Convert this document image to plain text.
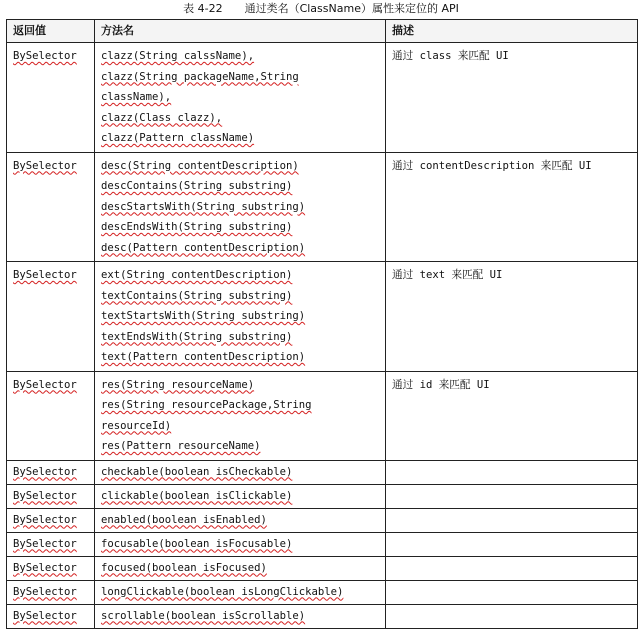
表 4-22　　通过类名（ClassName）属性来定位的 API
返回值	方法名	描述

BySelector	clazz(String calssName),
clazz(String packageName,String
className),
clazz(Class clazz),
clazz(Pattern className)	通过 class 来匹配 UI

BySelector	desc(String contentDescription)
descContains(String substring)
descStartsWith(String substring)
descEndsWith(String substring)
desc(Pattern contentDescription)	通过 contentDescription 来匹配 UI

BySelector	ext(String contentDescription)
textContains(String substring)
textStartsWith(String substring)
textEndsWith(String substring)
text(Pattern contentDescription)	通过 text 来匹配 UI

BySelector	res(String resourceName)
res(String resourcePackage,String
resourceId)
res(Pattern resourceName)	通过 id 来匹配 UI

BySelector	checkable(boolean isCheckable)	

BySelector	clickable(boolean isClickable)	

BySelector	enabled(boolean isEnabled)	

BySelector	focusable(boolean isFocusable)	

BySelector	focused(boolean isFocused)	

BySelector	longClickable(boolean isLongClickable)	

BySelector	scrollable(boolean isScrollable)	
